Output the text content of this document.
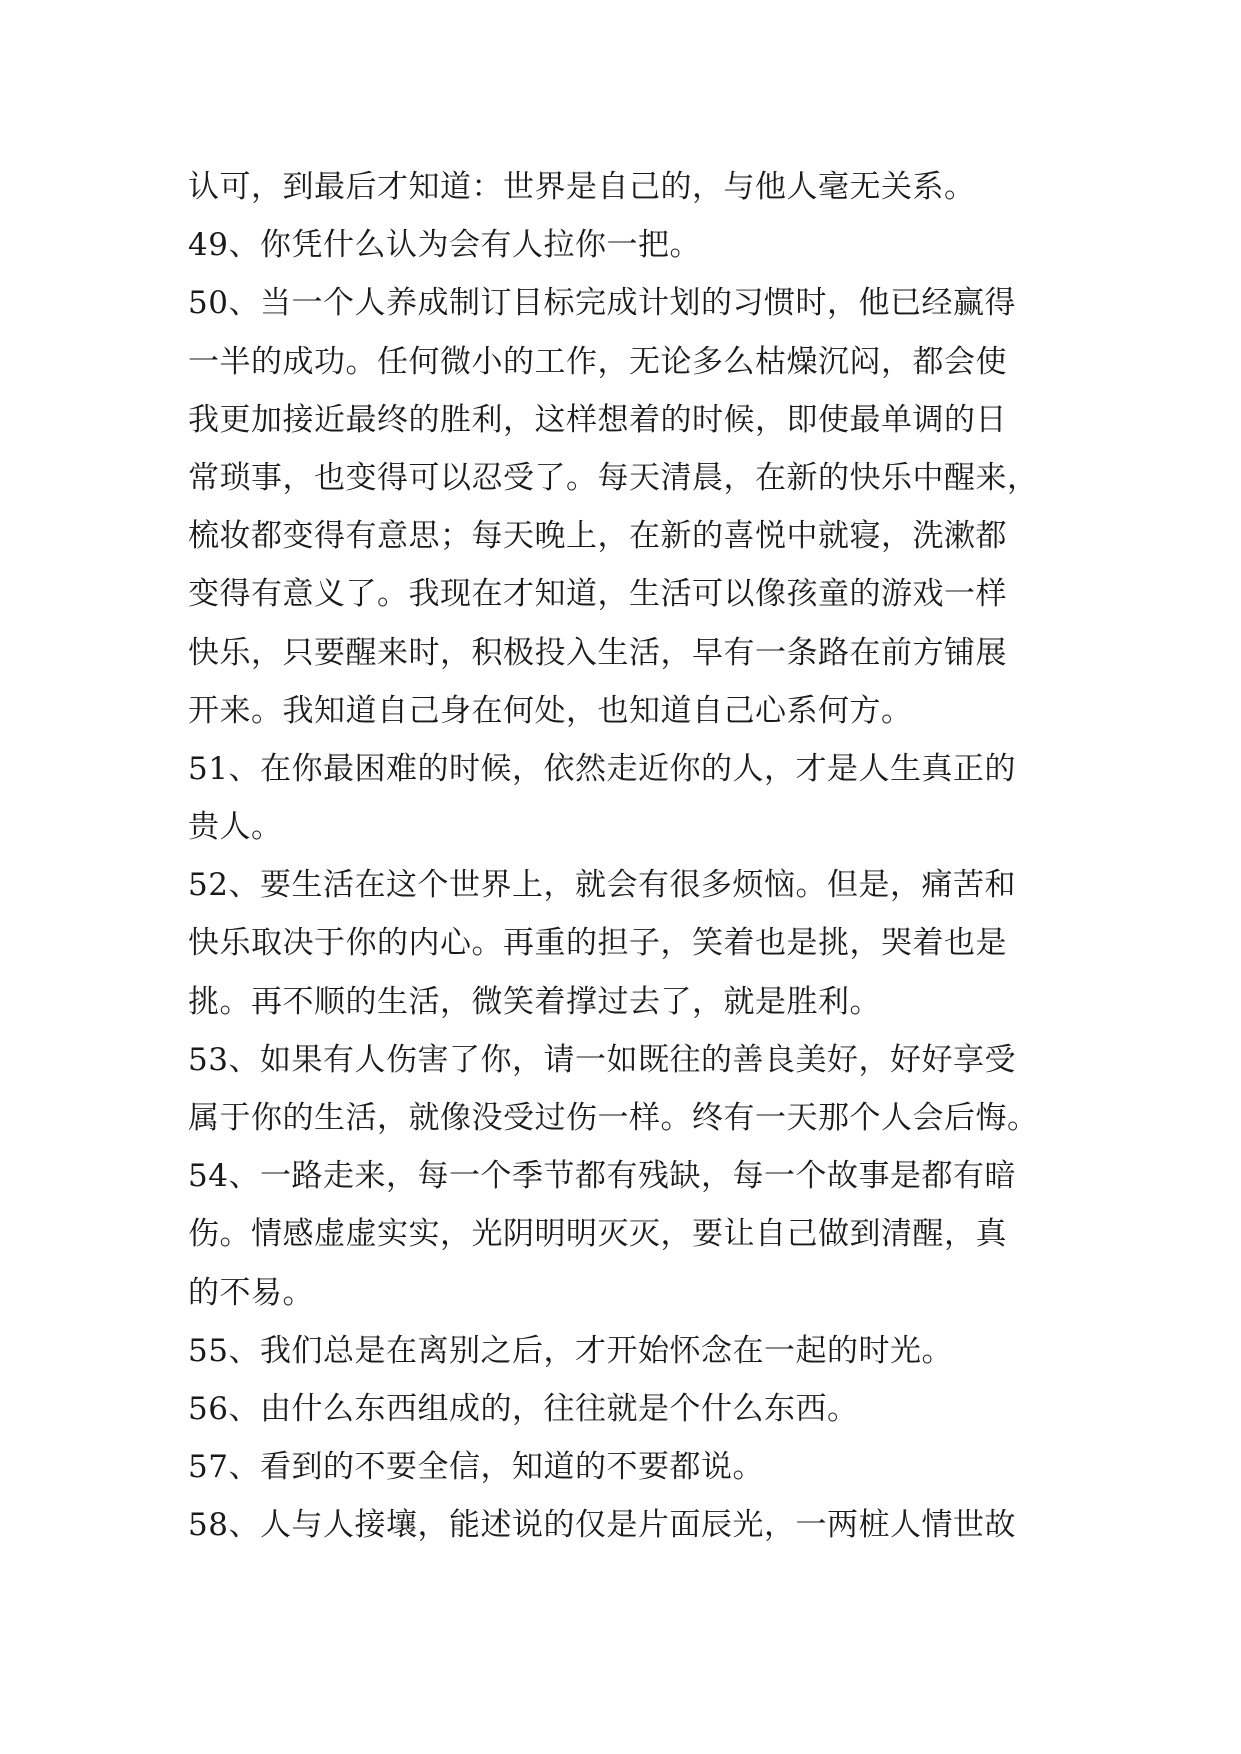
认可，到最后才知道：世界是自己的，与他人毫无关系。
49、你凭什么认为会有人拉你一把。
50、当一个人养成制订目标完成计划的习惯时，他已经赢得
一半的成功。任何微小的工作，无论多么枯燥沉闷，都会使
我更加接近最终的胜利，这样想着的时候，即使最单调的日
常琐事，也变得可以忍受了。每天清晨，在新的快乐中醒来，
梳妆都变得有意思；每天晚上，在新的喜悦中就寝，洗漱都
变得有意义了。我现在才知道，生活可以像孩童的游戏一样
快乐，只要醒来时，积极投入生活，早有一条路在前方铺展
开来。我知道自己身在何处，也知道自己心系何方。
51、在你最困难的时候，依然走近你的人，才是人生真正的
贵人。
52、要生活在这个世界上，就会有很多烦恼。但是，痛苦和
快乐取决于你的内心。再重的担子，笑着也是挑，哭着也是
挑。再不顺的生活，微笑着撑过去了，就是胜利。
53、如果有人伤害了你，请一如既往的善良美好，好好享受
属于你的生活，就像没受过伤一样。终有一天那个人会后悔。
54、一路走来，每一个季节都有残缺，每一个故事是都有暗
伤。情感虚虚实实，光阴明明灭灭，要让自己做到清醒，真
的不易。
55、我们总是在离别之后，才开始怀念在一起的时光。
56、由什么东西组成的，往往就是个什么东西。
57、看到的不要全信，知道的不要都说。
58、人与人接壤，能述说的仅是片面辰光，一两桩人情世故
